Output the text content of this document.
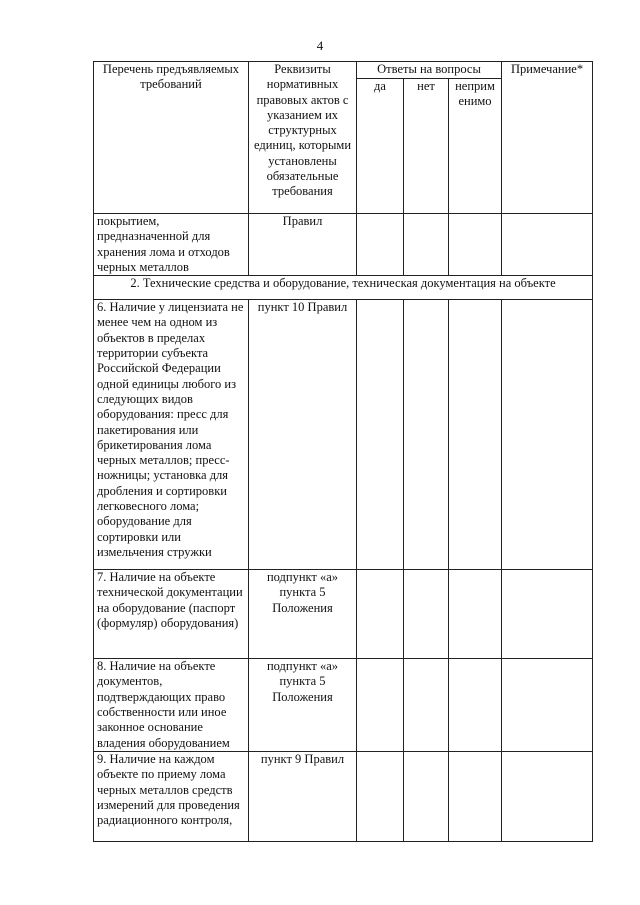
4
Перечень предъявляемых требований	Реквизиты нормативных правовых актов с указанием их структурных единиц, которыми установлены обязательные требования	Ответы на вопросы			Примечание*
		да	нет	неприм енимо	
покрытием, предназначенной для хранения лома и отходов черных металлов	Правил				
2. Технические средства и оборудование, техническая документация на объекте					
6. Наличие у лицензиата не менее чем на одном из объектов в пределах территории субъекта Российской Федерации одной единицы любого из следующих видов оборудования: пресс для пакетирования или брикетирования лома черных металлов; пресс-ножницы; установка для дробления и сортировки легковесного лома; оборудование для сортировки или измельчения стружки	пункт 10 Правил				
7. Наличие на объекте технической документации на оборудование (паспорт (формуляр) оборудования)	подпункт «а» пункта 5 Положения				
8. Наличие на объекте документов, подтверждающих право собственности или иное законное основание владения оборудованием	подпункт «а» пункта 5 Положения				
9. Наличие на каждом объекте по приему лома черных металлов средств измерений для проведения радиационного контроля,	пункт 9 Правил				
